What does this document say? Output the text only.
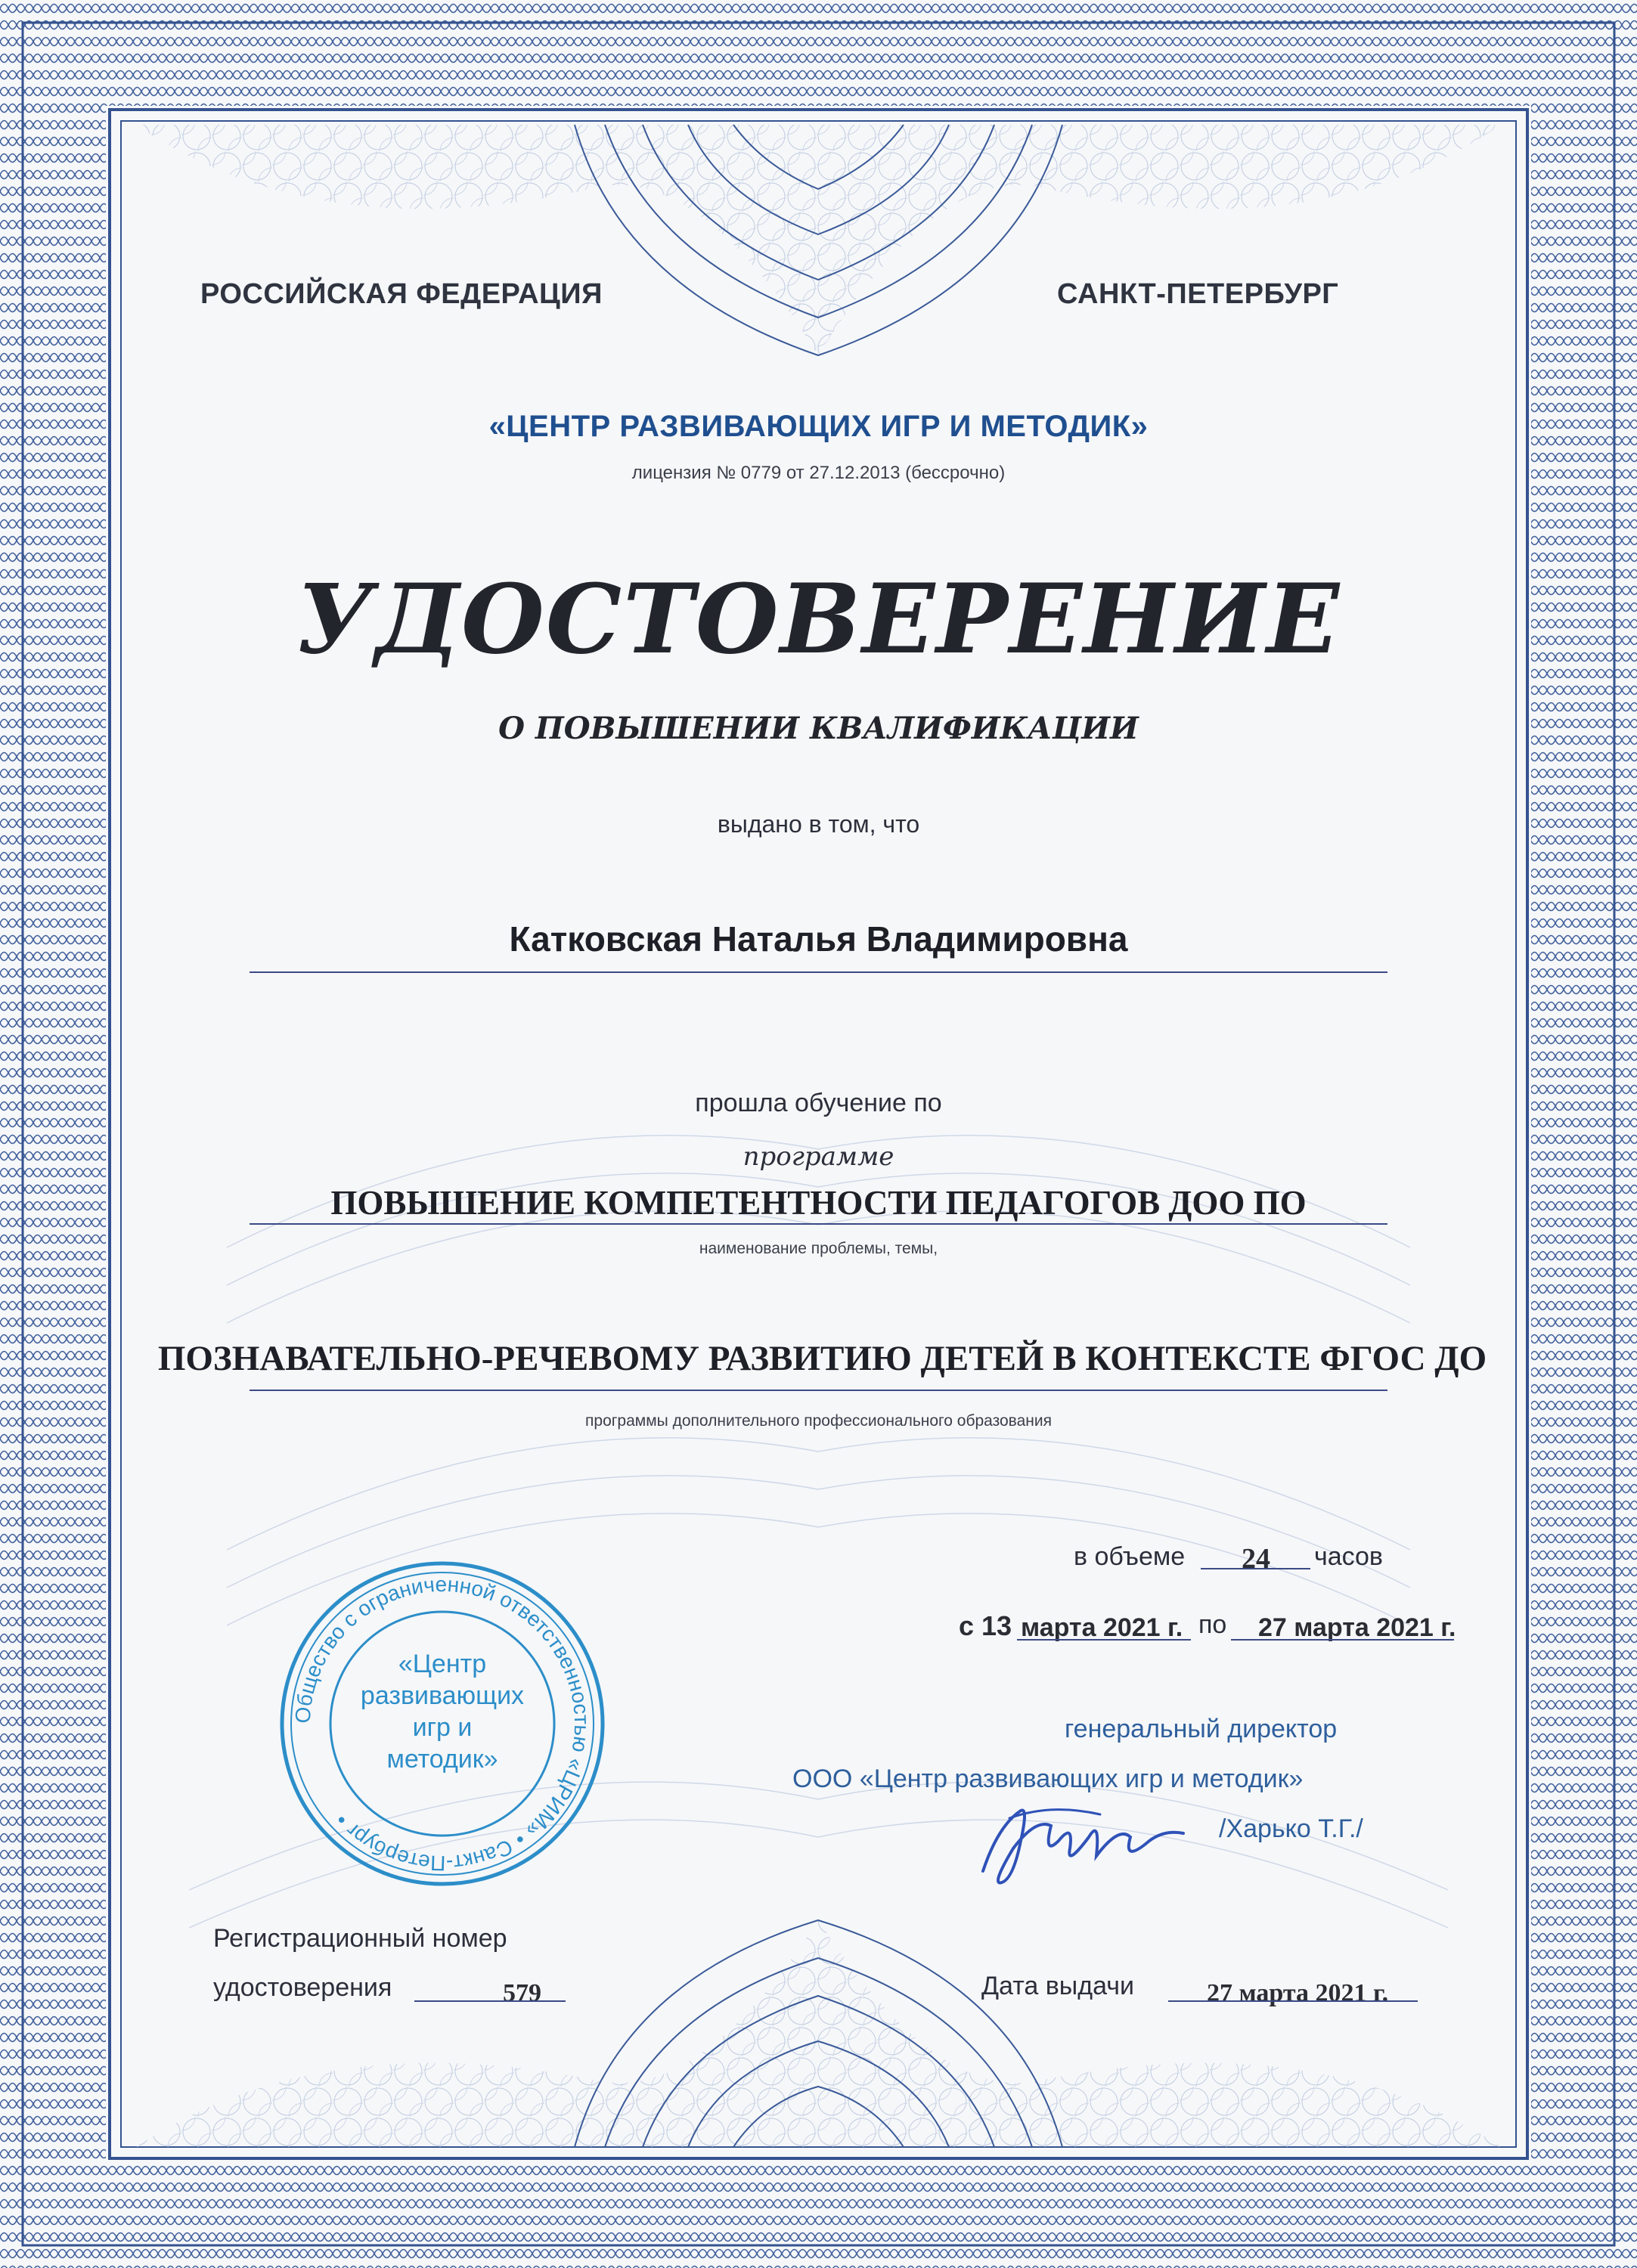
РОССИЙСКАЯ ФЕДЕРАЦИЯ	САНКТ-ПЕТЕРБУРГ
«ЦЕНТР РАЗВИВАЮЩИХ ИГР И МЕТОДИК»
лицензия № 0779 от 27.12.2013 (бессрочно)
УДОСТОВЕРЕНИЕ
О ПОВЫШЕНИИ КВАЛИФИКАЦИИ
выдано в том, что
Катковская Наталья Владимировна
прошла обучение по
программе
ПОВЫШЕНИЕ КОМПЕТЕНТНОСТИ ПЕДАГОГОВ ДОО ПО
наименование проблемы, темы,
ПОЗНАВАТЕЛЬНО-РЕЧЕВОМУ РАЗВИТИЮ ДЕТЕЙ В КОНТЕКСТЕ ФГОС ДО
программы дополнительного профессионального образования
в объеме 24 часов
с 13 марта 2021 г. по 27 марта 2021 г.
генеральный директор
ООО «Центр развивающих игр и методик»
/Харько Т.Г./
Общество с ограниченной ответственностью «ЦРИМ» • Санкт-Петербург •
«Центр
развивающих
игр и
методик»
Регистрационный номер
удостоверения	579	Дата выдачи	27 марта 2021 г.
